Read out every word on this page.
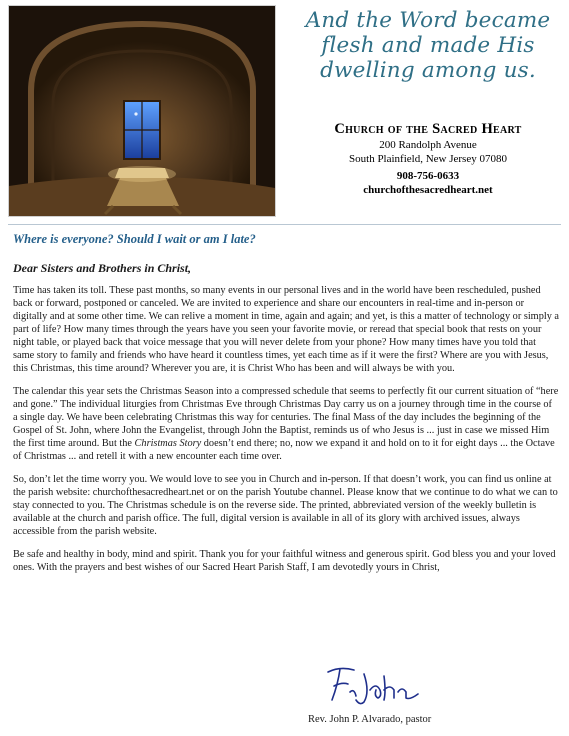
And the Word became flesh and made His dwelling among us.
Church of the Sacred Heart
200 Randolph Avenue
South Plainfield, New Jersey 07080
908-756-0633
churchofthesacredheart.net
Where is everyone? Should I wait or am I late?
Dear Sisters and Brothers in Christ,

Time has taken its toll. These past months, so many events in our personal lives and in the world have been rescheduled, pushed back or forward, postponed or canceled. We are invited to experience and share our encounters in real-time and in-person or digitally and at some other time. We can relive a moment in time, again and again; and yet, is this a matter of technology or simply a part of life? How many times through the years have you seen your favorite movie, or reread that special book that rests on your night table, or played back that voice message that you will never delete from your phone? How many times have you told that same story to family and friends who have heard it countless times, yet each time as if it were the first? Where are you with Jesus, this Christmas, this time around? Wherever you are, it is Christ Who has been and will always be with you.

The calendar this year sets the Christmas Season into a compressed schedule that seems to perfectly fit our current situation of “here and gone.” The individual liturgies from Christmas Eve through Christmas Day carry us on a journey through time in the course of a single day. We have been celebrating Christmas this way for centuries. The final Mass of the day includes the beginning of the Gospel of St. John, where John the Evangelist, through John the Baptist, reminds us of who Jesus is ... just in case we missed Him the first time around. But the Christmas Story doesn’t end there; no, now we expand it and hold on to it for eight days ... the Octave of Christmas ... and retell it with a new encounter each time over.

So, don’t let the time worry you. We would love to see you in Church and in-person. If that doesn’t work, you can find us online at the parish website: churchofthesacredheart.net or on the parish Youtube channel. Please know that we continue to do what we can to stay connected to you. The Christmas schedule is on the reverse side. The printed, abbreviated version of the weekly bulletin is available at the church and parish office. The full, digital version is available in all of its glory with archived issues, always accessible from the parish website.

Be safe and healthy in body, mind and spirit. Thank you for your faithful witness and generous spirit. God bless you and your loved ones. With the prayers and best wishes of our Sacred Heart Parish Staff, I am devotedly yours in Christ,

Rev. John P. Alvarado, pastor
